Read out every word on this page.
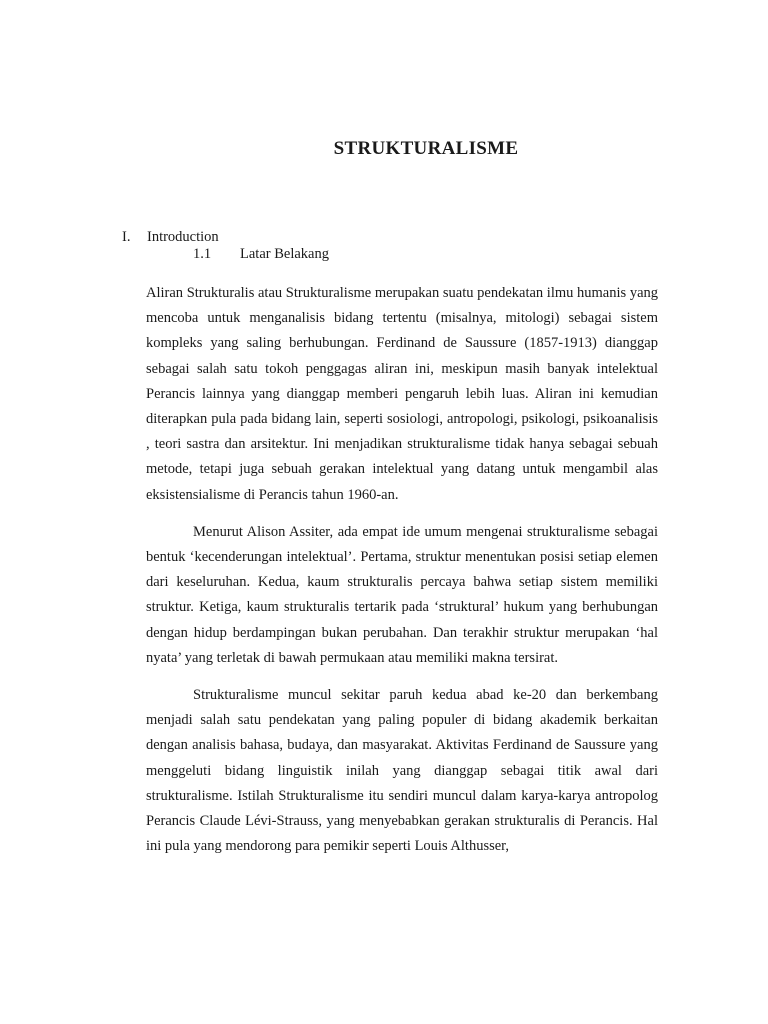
STRUKTURALISME
I. Introduction
1.1 Latar Belakang

Aliran Strukturalis atau Strukturalisme merupakan suatu pendekatan ilmu humanis yang mencoba untuk menganalisis bidang tertentu (misalnya, mitologi) sebagai sistem kompleks yang saling berhubungan. Ferdinand de Saussure (1857-1913) dianggap sebagai salah satu tokoh penggagas aliran ini, meskipun masih banyak intelektual Perancis lainnya yang dianggap memberi pengaruh lebih luas. Aliran ini kemudian diterapkan pula pada bidang lain, seperti sosiologi, antropologi, psikologi, psikoanalisis , teori sastra dan arsitektur. Ini menjadikan strukturalisme tidak hanya sebagai sebuah metode, tetapi juga sebuah gerakan intelektual yang datang untuk mengambil alas eksistensialisme di Perancis tahun 1960-an.

Menurut Alison Assiter, ada empat ide umum mengenai strukturalisme sebagai bentuk ‘kecenderungan intelektual’. Pertama, struktur menentukan posisi setiap elemen dari keseluruhan. Kedua, kaum strukturalis percaya bahwa setiap sistem memiliki struktur. Ketiga, kaum strukturalis tertarik pada ‘struktural’ hukum yang berhubungan dengan hidup berdampingan bukan perubahan. Dan terakhir struktur merupakan ‘hal nyata’ yang terletak di bawah permukaan atau memiliki makna tersirat.

Strukturalisme muncul sekitar paruh kedua abad ke-20 dan berkembang menjadi salah satu pendekatan yang paling populer di bidang akademik berkaitan dengan analisis bahasa, budaya, dan masyarakat. Aktivitas Ferdinand de Saussure yang menggeluti bidang linguistik inilah yang dianggap sebagai titik awal dari strukturalisme. Istilah Strukturalisme itu sendiri muncul dalam karya-karya antropolog Perancis Claude Lévi-Strauss, yang menyebabkan gerakan strukturalis di Perancis. Hal ini pula yang mendorong para pemikir seperti Louis Althusser,
